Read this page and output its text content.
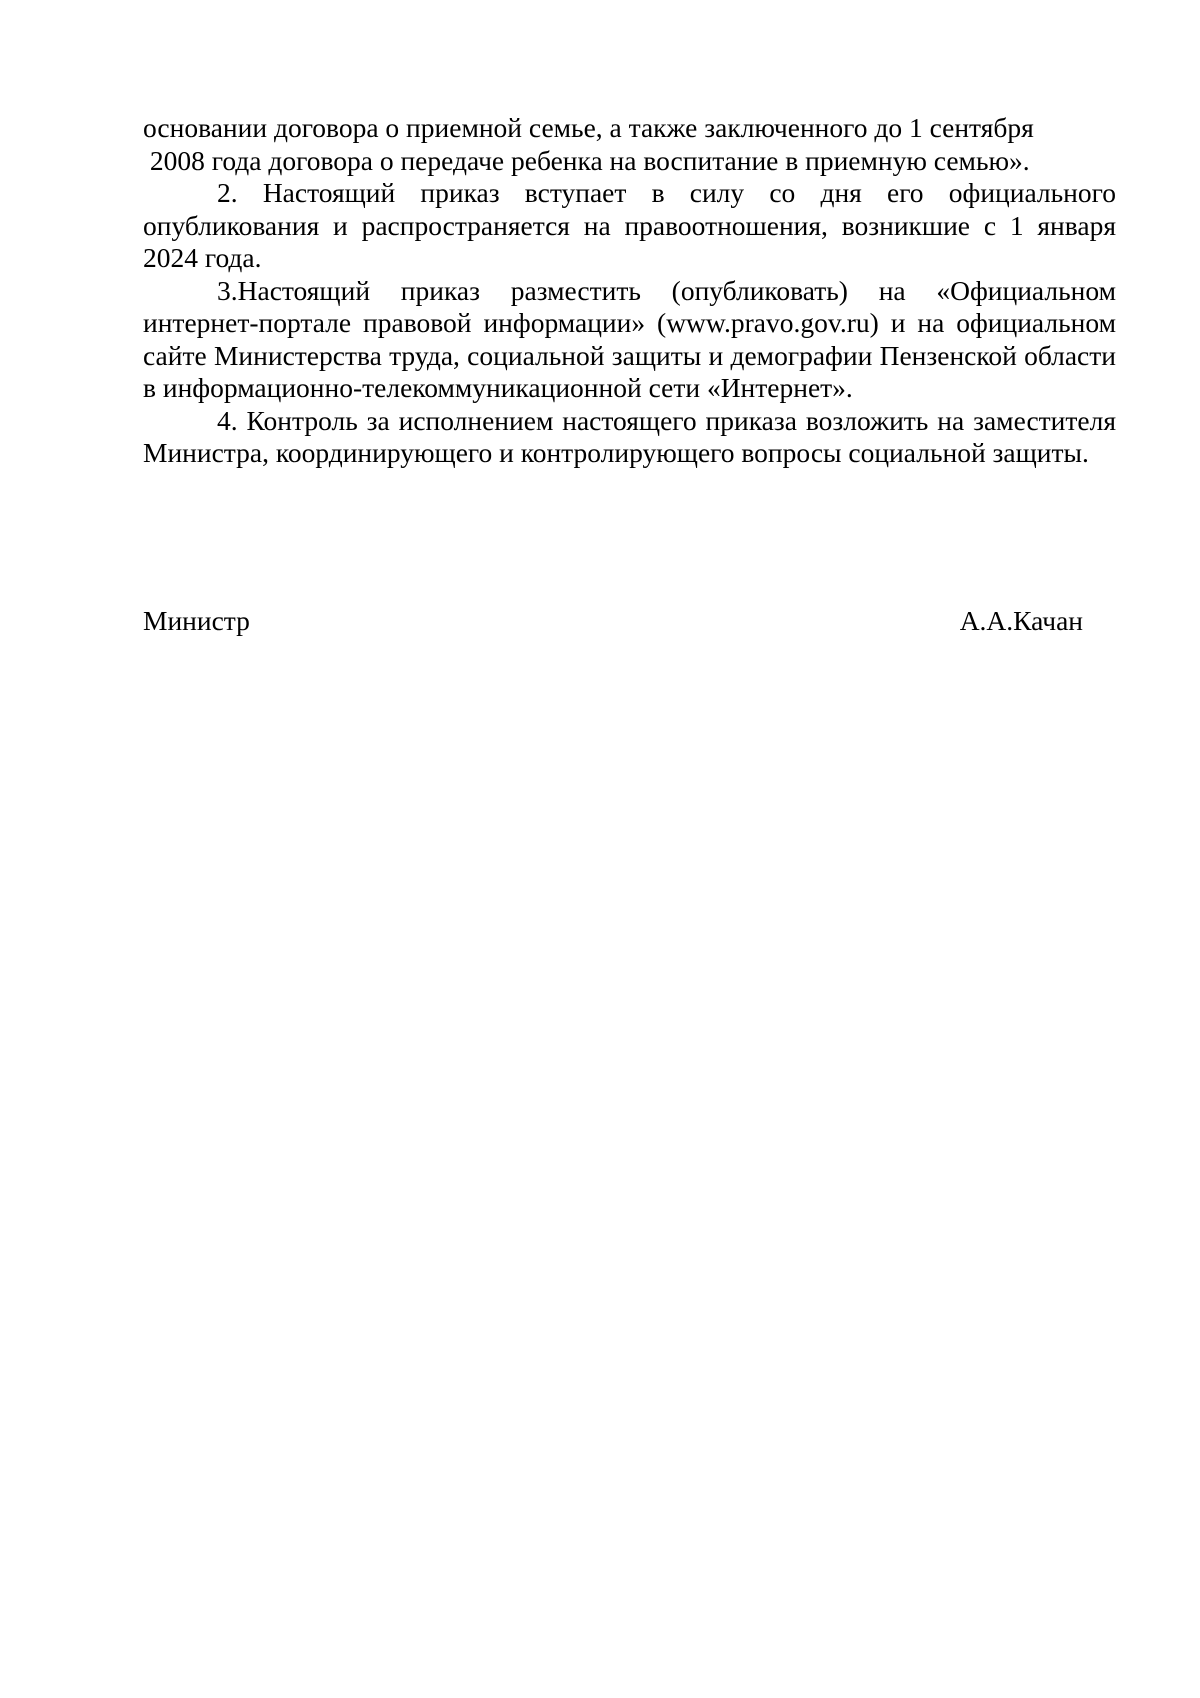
основании договора о приемной семье, а также заключенного до 1 сентября
2008 года договора о передаче ребенка на воспитание в приемную семью».

2. Настоящий приказ вступает в силу со дня его официального опубликования и распространяется на правоотношения, возникшие с 1 января 2024 года.

3.Настоящий приказ разместить (опубликовать) на «Официальном интернет-портале правовой информации» (www.pravo.gov.ru) и на официальном сайте Министерства труда, социальной защиты и демографии Пензенской области в информационно-телекоммуникационной сети «Интернет».

4. Контроль за исполнением настоящего приказа возложить на заместителя Министра, координирующего и контролирующего вопросы социальной защиты.

Министр	А.А.Качан
